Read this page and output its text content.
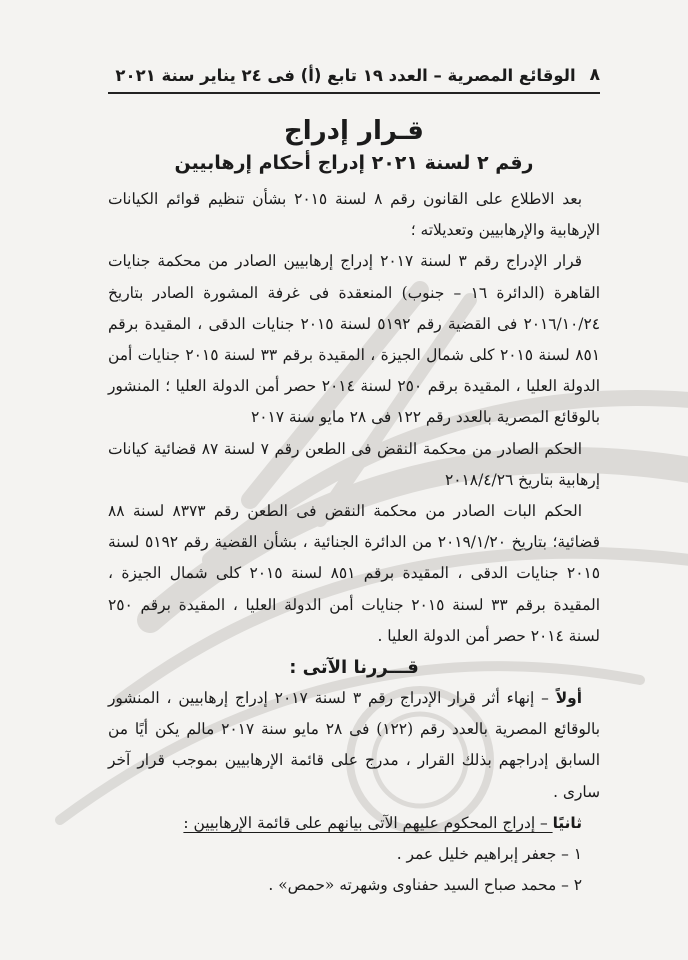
٨
الوقائع المصرية – العدد ١٩ تابع (أ) فى ٢٤ يناير سنة ٢٠٢١
قـرار إدراج
رقم ٢ لسنة ٢٠٢١ إدراج أحكام إرهابيين

بعد الاطلاع على القانون رقم ٨ لسنة ٢٠١٥ بشأن تنظيم قوائم الكيانات الإرهابية والإرهابيين وتعديلاته ؛

قرار الإدراج رقم ٣ لسنة ٢٠١٧ إدراج إرهابيين الصادر من محكمة جنايات القاهرة (الدائرة ١٦ – جنوب) المنعقدة فى غرفة المشورة الصادر بتاريخ ٢٠١٦/١٠/٢٤ فى القضية رقم ٥١٩٢ لسنة ٢٠١٥ جنايات الدقى ، المقيدة برقم ٨٥١ لسنة ٢٠١٥ كلى شمال الجيزة ، المقيدة برقم ٣٣ لسنة ٢٠١٥ جنايات أمن الدولة العليا ، المقيدة برقم ٢٥٠ لسنة ٢٠١٤ حصر أمن الدولة العليا ؛ المنشور بالوقائع المصرية بالعدد رقم ١٢٢ فى ٢٨ مايو سنة ٢٠١٧

الحكم الصادر من محكمة النقض فى الطعن رقم ٧ لسنة ٨٧ قضائية كيانات إرهابية بتاريخ ٢٠١٨/٤/٢٦

الحكم البات الصادر من محكمة النقض فى الطعن رقم ٨٣٧٣ لسنة ٨٨ قضائية؛ بتاريخ ٢٠١٩/١/٢٠ من الدائرة الجنائية ، بشأن القضية رقم ٥١٩٢ لسنة ٢٠١٥ جنايات الدقى ، المقيدة برقم ٨٥١ لسنة ٢٠١٥ كلى شمال الجيزة ، المقيدة برقم ٣٣ لسنة ٢٠١٥ جنايات أمن الدولة العليا ، المقيدة برقم ٢٥٠ لسنة ٢٠١٤ حصر أمن الدولة العليا .

قـــررنا الآتى :

أولاً – إنهاء أثر قرار الإدراج رقم ٣ لسنة ٢٠١٧ إدراج إرهابيين ، المنشور بالوقائع المصرية بالعدد رقم (١٢٢) فى ٢٨ مايو سنة ٢٠١٧ مالم يكن أيًا من السابق إدراجهم بذلك القرار ، مدرج على قائمة الإرهابيين بموجب قرار آخر سارى .

ثانيًا – إدراج المحكوم عليهم الآتى بيانهم على قائمة الإرهابيين :

١ – جعفر إبراهيم خليل عمر .

٢ – محمد صباح السيد حفناوى وشهرته «حمص» .
